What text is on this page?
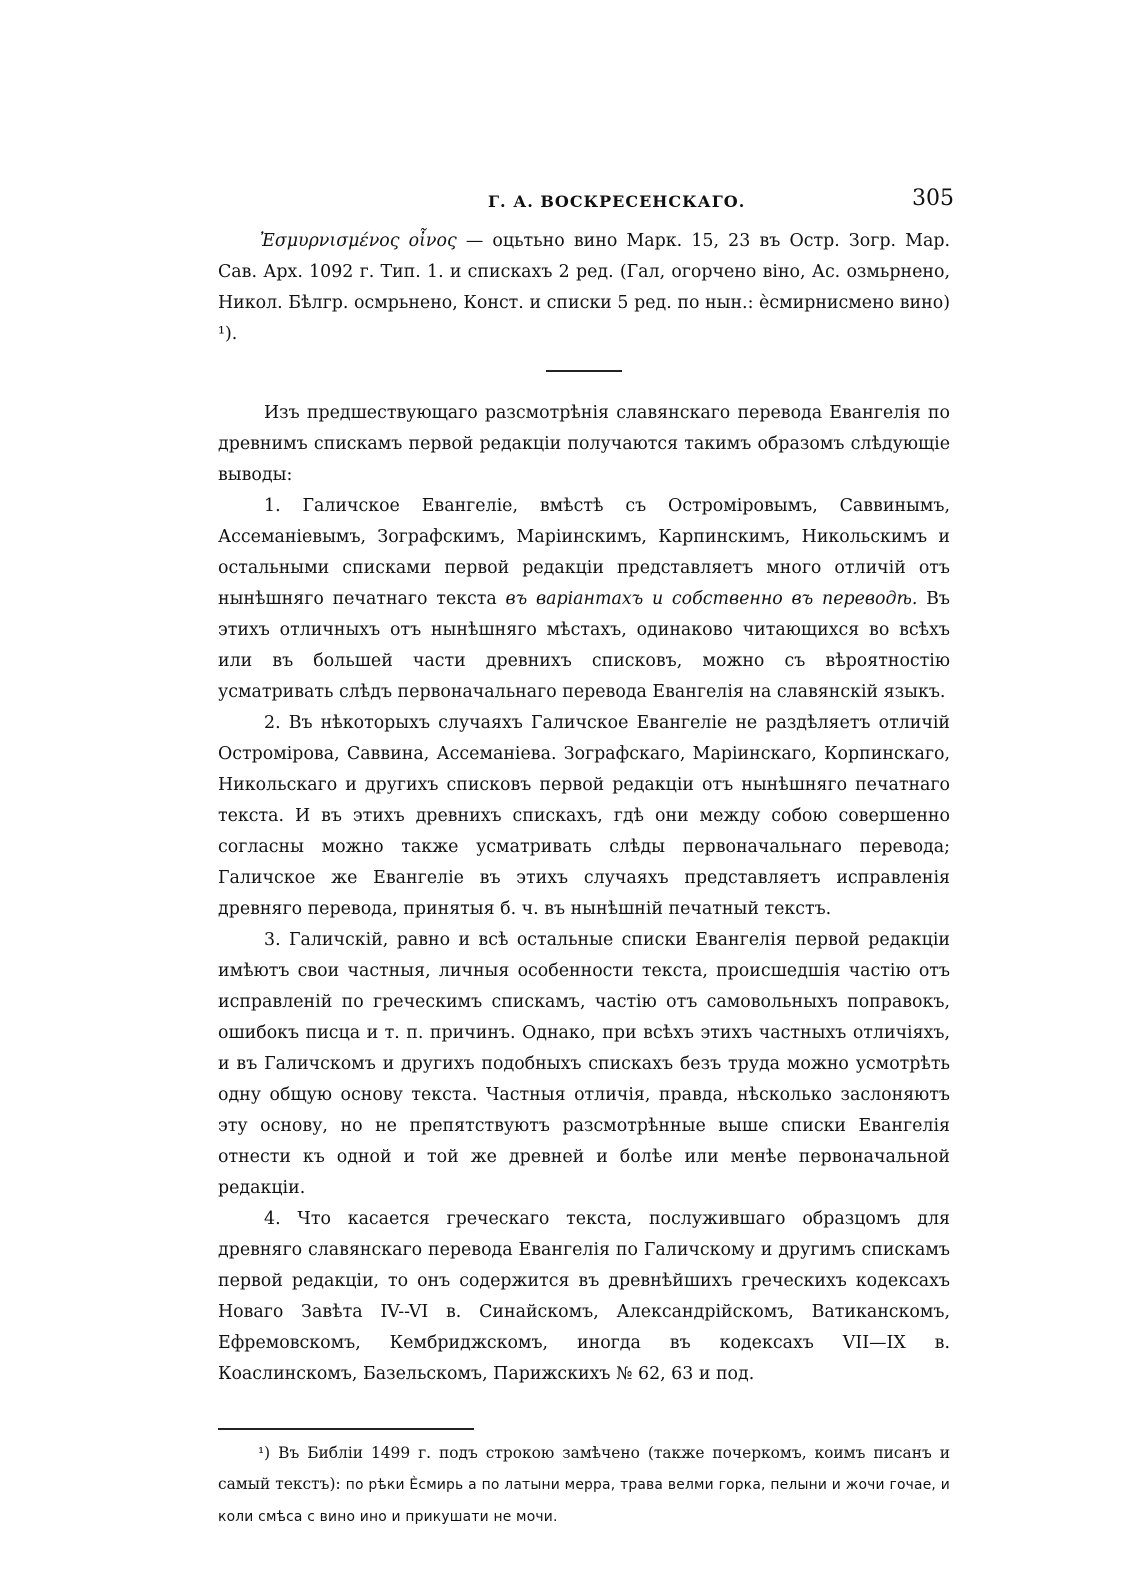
Г. А. ВОСКРЕСЕНСКАГО.	305

Ἐσμυρνισμένος οἶνος — оцьтьно вино Марк. 15, 23 въ Остр. Зогр. Мар. Сав. Арх. 1092 г. Тип. 1. и спискахъ 2 ред. (Гал, огорчено віно, Ас. озмьрнено, Никол. Бѣлгр. осмрьнено, Конст. и списки 5 ред. по нын.: ѐсмирнисмено вино) ¹).

Изъ предшествующаго разсмотрѣнія славянскаго перевода Евангелія по древнимъ спискамъ первой редакціи получаются такимъ образомъ слѣдующіе выводы:

1. Галичское Евангеліе, вмѣстѣ съ Остроміровымъ, Саввинымъ, Ассеманіевымъ, Зографскимъ, Маріинскимъ, Карпинскимъ, Никольскимъ и остальными списками первой редакціи представляетъ много отличій отъ нынѣшняго печатнаго текста въ варіантахъ и собственно въ переводѣ. Въ этихъ отличныхъ отъ нынѣшняго мѣстахъ, одинаково читающихся во всѣхъ или въ большей части древнихъ списковъ, можно съ вѣроятностію усматривать слѣдъ первоначальнаго перевода Евангелія на славянскій языкъ.

2. Въ нѣкоторыхъ случаяхъ Галичское Евангеліе не раздѣляетъ отличій Остроміровa, Саввина, Ассеманіева. Зографскаго, Маріинскаго, Корпинскаго, Никольскаго и другихъ списковъ первой редакціи отъ нынѣшняго печатнаго текста. И въ этихъ древнихъ спискахъ, гдѣ они между собою совершенно согласны можно также усматривать слѣды первоначальнаго перевода; Галичское же Евангеліе въ этихъ случаяхъ представляетъ исправленія древняго перевода, принятыя б. ч. въ нынѣшній печатный текстъ.

3. Галичскій, равно и всѣ остальные списки Евангелія первой редакціи имѣютъ свои частныя, личныя особенности текста, происшедшія частію отъ исправленій по греческимъ спискамъ, частію отъ самовольныхъ поправокъ, ошибокъ писца и т. п. причинъ. Однако, при всѣхъ этихъ частныхъ отличіяхъ, и въ Галичскомъ и другихъ подобныхъ спискахъ безъ труда можно усмотрѣть одну общую основу текста. Частныя отличія, правда, нѣсколько заслоняютъ эту основу, но не препятствуютъ разсмотрѣнные выше списки Евангелія отнести къ одной и той же древней и болѣе или менѣе первоначальной редакціи.

4. Что касается греческаго текста, послужившаго образцомъ для древняго славянскаго перевода Евангелія по Галичскому и другимъ спискамъ первой редакціи, то онъ содержится въ древнѣйшихъ греческихъ кодексахъ Новаго Завѣта IV--VI в. Синайскомъ, Александрійскомъ, Ватиканскомъ, Ефремовскомъ, Кембриджскомъ, иногда въ кодексахъ VII—IX в. Коаслинскомъ, Базельскомъ, Парижскихъ № 62, 63 и под.

¹) Въ Библіи 1499 г. подъ строкою замѣчено (также почеркомъ, коимъ писанъ и самый текстъ): по рѣки Ѐсмирь а по латыни мерра, трава велми горка, пелыни и жочи гочае, и коли смѣса с вино ино и прикушати не мочи.
